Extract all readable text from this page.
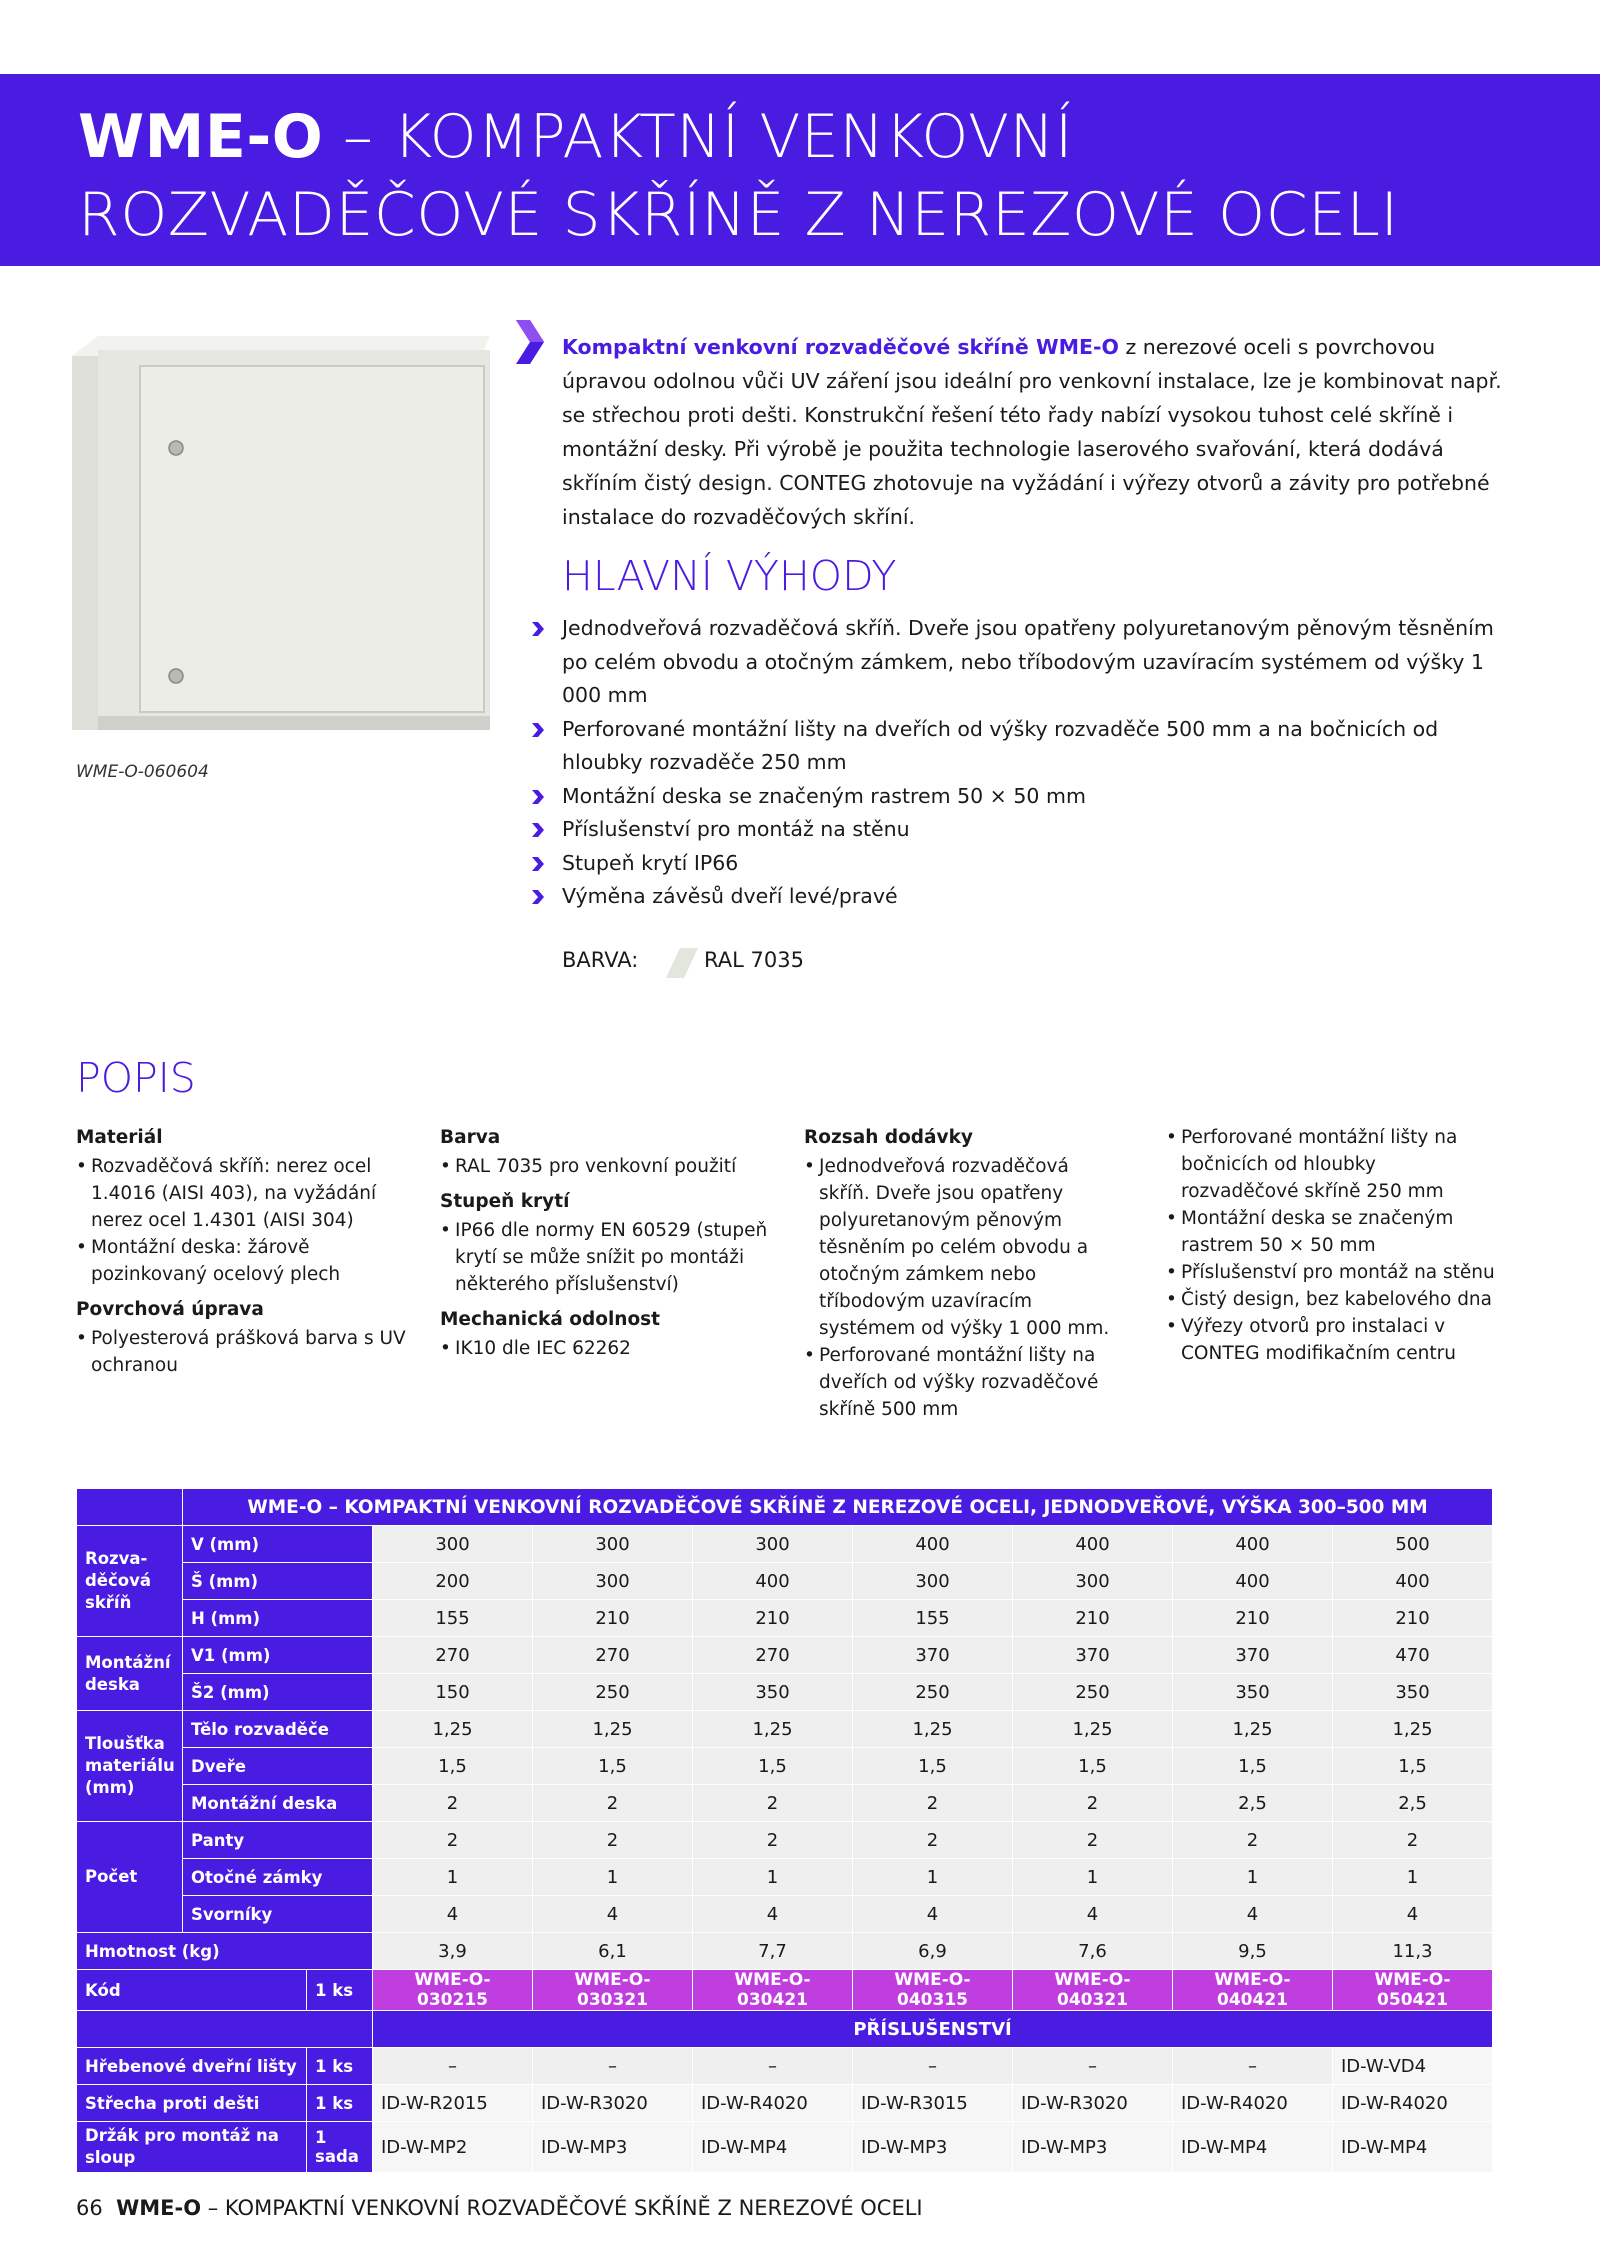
WME-O – KOMPAKTNÍ VENKOVNÍ
ROZVADĚČOVÉ SKŘÍNĚ Z NEREZOVÉ OCELI
WME-O-060604
Kompaktní venkovní rozvaděčové skříně WME-O z nerezové oceli s povrchovou úpravou odolnou vůči UV záření jsou ideální pro venkovní instalace, lze je kombinovat např. se střechou proti dešti. Konstrukční řešení této řady nabízí vysokou tuhost celé skříně i montážní desky. Při výrobě je použita technologie laserového svařování, která dodává skříním čistý design. CONTEG zhotovuje na vyžádání i výřezy otvorů a závity pro potřebné instalace do rozvaděčových skříní.
HLAVNÍ VÝHODY
Jednodveřová rozvaděčová skříň. Dveře jsou opatřeny polyuretanovým pěnovým těsněním po celém obvodu a otočným zámkem, nebo tříbodovým uzavíracím systémem od výšky 1 000 mm
Perforované montážní lišty na dveřích od výšky rozvaděče 500 mm a na bočnicích od hloubky rozvaděče 250 mm
Montážní deska se značeným rastrem 50 × 50 mm
Příslušenství pro montáž na stěnu
Stupeň krytí IP66
Výměna závěsů dveří levé/pravé
BARVA:	RAL 7035
POPIS
Materiál
• Rozvaděčová skříň: nerez ocel 1.4016 (AISI 403), na vyžádání nerez ocel 1.4301 (AISI 304)
• Montážní deska: žárově pozinkovaný ocelový plech
Povrchová úprava
• Polyesterová prášková barva s UV ochranou
Barva
• RAL 7035 pro venkovní použití
Stupeň krytí
• IP66 dle normy EN 60529 (stupeň krytí se může snížit po montáži některého příslušenství)
Mechanická odolnost
• IK10 dle IEC 62262
Rozsah dodávky
• Jednodveřová rozvaděčová skříň. Dveře jsou opatřeny polyuretanovým pěnovým těsněním po celém obvodu a otočným zámkem nebo tříbodovým uzavíracím systémem od výšky 1 000 mm.
• Perforované montážní lišty na dveřích od výšky rozvaděčové skříně 500 mm
• Perforované montážní lišty na bočnicích od hloubky rozvaděčové skříně 250 mm
• Montážní deska se značeným rastrem 50 × 50 mm
• Příslušenství pro montáž na stěnu
• Čistý design, bez kabelového dna
• Výřezy otvorů pro instalaci v CONTEG modifikačním centru
	WME-O – KOMPAKTNÍ VENKOVNÍ ROZVADĚČOVÉ SKŘÍNĚ Z NEREZOVÉ OCELI, JEDNODVEŘOVÉ, VÝŠKA 300–500 MM								
Rozva-děčová skříň	V (mm)		300	300	300	400	400	400	500
	Š (mm)		200	300	400	300	300	400	400
	H (mm)		155	210	210	155	210	210	210
Montážní deska	V1 (mm)		270	270	270	370	370	370	470
	Š2 (mm)		150	250	350	250	250	350	350
Tloušťka materiálu (mm)	Tělo rozvaděče		1,25	1,25	1,25	1,25	1,25	1,25	1,25
	Dveře		1,5	1,5	1,5	1,5	1,5	1,5	1,5
	Montážní deska		2	2	2	2	2	2,5	2,5
Počet	Panty		2	2	2	2	2	2	2
	Otočné zámky		1	1	1	1	1	1	1
	Svorníky		4	4	4	4	4	4	4
Hmotnost (kg)			3,9	6,1	7,7	6,9	7,6	9,5	11,3
Kód		1 ks	WME-O-030215	WME-O-030321	WME-O-030421	WME-O-040315	WME-O-040321	WME-O-040421	WME-O-050421
			PŘÍSLUŠENSTVÍ						
Hřebenové dveřní lišty		1 ks	–	–	–	–	–	–	ID-W-VD4
Střecha proti dešti		1 ks	ID-W-R2015	ID-W-R3020	ID-W-R4020	ID-W-R3015	ID-W-R3020	ID-W-R4020	ID-W-R4020
Držák pro montáž na sloup		1 sada	ID-W-MP2	ID-W-MP3	ID-W-MP4	ID-W-MP3	ID-W-MP3	ID-W-MP4	ID-W-MP4
66 WME-O – KOMPAKTNÍ VENKOVNÍ ROZVADĚČOVÉ SKŘÍNĚ Z NEREZOVÉ OCELI
